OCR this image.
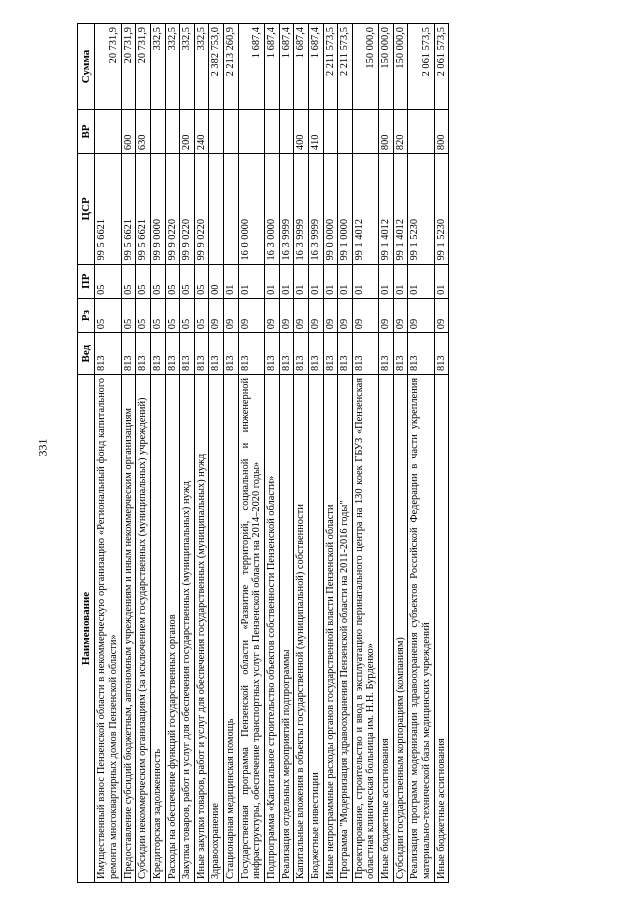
331
Наименование	Вед	Рз	ПР	ЦСР	ВР	Сумма
Имущественный взнос Пензенской области в некоммерческую организацию «Региональный фонд капитального ремонта многоквартирных домов Пензенской области»	813	05	05	99 5 6621		20 731,9
Предоставление субсидий бюджетным, автономным учреждениям и иным некоммерческим организациям	813	05	05	99 5 6621	600	20 731,9
Субсидии некоммерческим организациям (за исключением государственных (муниципальных) учреждений)	813	05	05	99 5 6621	630	20 731,9
Кредиторская задолженность	813	05	05	99 9 0000		332,5
Расходы на обеспечение функций государственных органов	813	05	05	99 9 0220		332,5
Закупка товаров, работ и услуг для обеспечения государственных (муниципальных) нужд	813	05	05	99 9 0220	200	332,5
Иные закупки товаров, работ и услуг для обеспечения государственных (муниципальных) нужд	813	05	05	99 9 0220	240	332,5
Здравоохранение	813	09	00			2 382 753,0
Стационарная медицинская помощь	813	09	01			2 213 260,9
Государственная программа Пензенской области «Развитие территорий, социальной и инженерной инфраструктуры, обеспечение транспортных услуг в Пензенской области на 2014–2020 годы»	813	09	01	16 0 0000		1 687,4
Подпрограмма «Капитальное строительство объектов собственности Пензенской области»	813	09	01	16 3 0000		1 687,4
Реализация отдельных мероприятий подпрограммы	813	09	01	16 3 9999		1 687,4
Капитальные вложения в объекты государственной (муниципальной) собственности	813	09	01	16 3 9999	400	1 687,4
Бюджетные инвестиции	813	09	01	16 3 9999	410	1 687,4
Иные непрограммные расходы органов государственной власти Пензенской области	813	09	01	99 0 0000		2 211 573,5
Программа "Модернизация здравоохранения Пензенской области на 2011-2016 годы"	813	09	01	99 1 0000		2 211 573,5
Проектирование, строительство и ввод в эксплуатацию перинатального центра на 130 коек ГБУЗ «Пензенская областная клиническая больница им. Н.Н. Бурденко»	813	09	01	99 1 4012		150 000,0
Иные бюджетные ассигнования	813	09	01	99 1 4012	800	150 000,0
Субсидии государственным корпорациям (компаниям)	813	09	01	99 1 4012	820	150 000,0
Реализация программ модернизации здравоохранения субъектов Российской Федерации в части укрепления материально-технической базы медицинских учреждений	813	09	01	99 1 5230		2 061 573,5
Иные бюджетные ассигнования	813	09	01	99 1 5230	800	2 061 573,5
